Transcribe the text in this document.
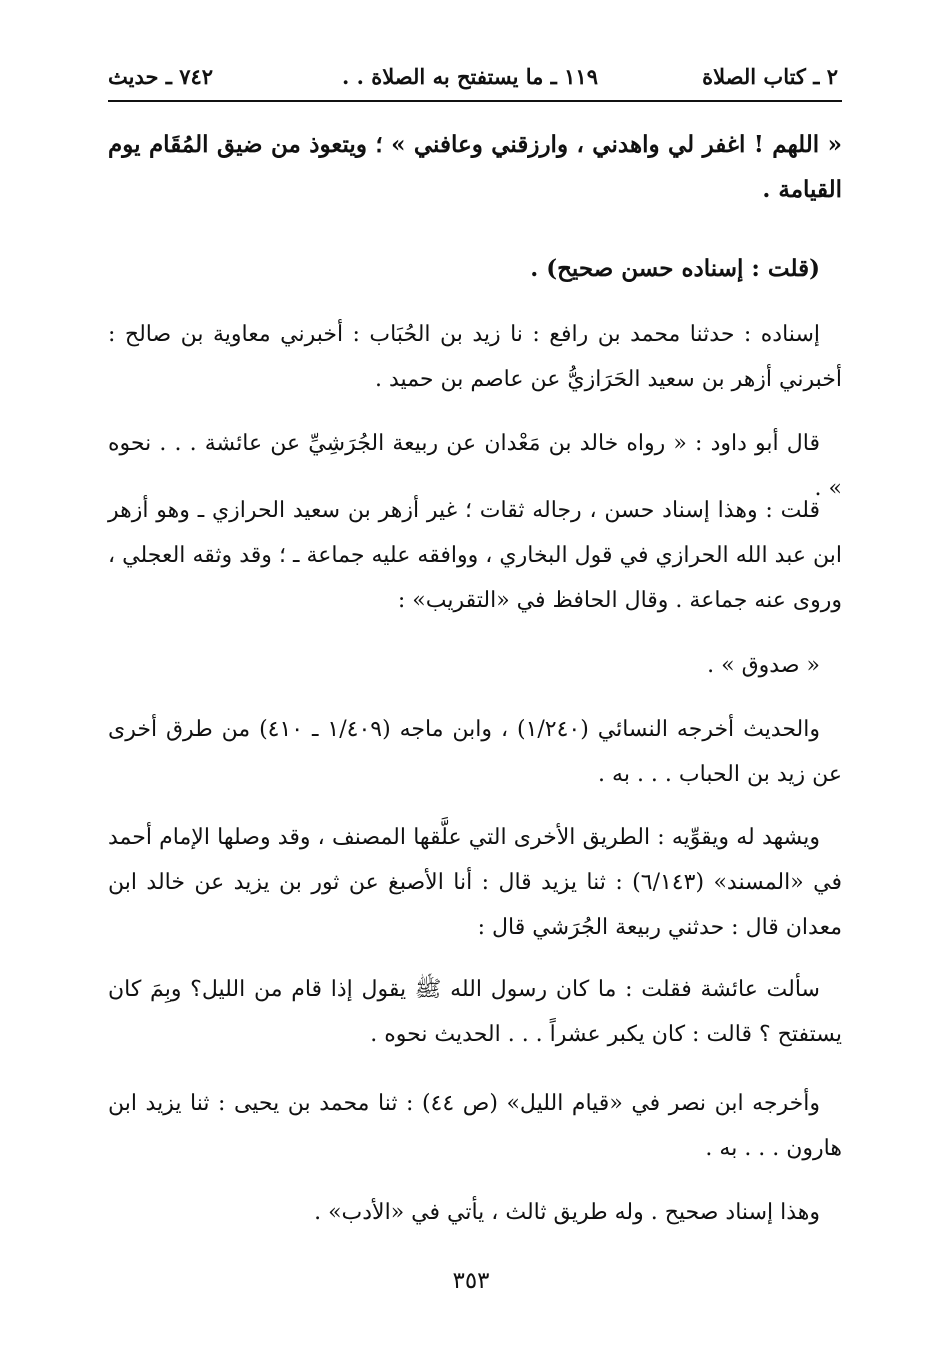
٢ ـ كتاب الصلاة
١١٩ ـ ما يستفتح به الصلاة . .
٧٤٢ ـ حديث

« اللهم ! اغفر لي واهدني ، وارزقني وعافني » ؛ ويتعوذ من ضيق المُقَام يوم القيامة .

(قلت : إسناده حسن صحيح) .

إسناده : حدثنا محمد بن رافع : نا زيد بن الحُبَاب : أخبرني معاوية بن صالح : أخبرني أزهر بن سعيد الحَرَازيُّ عن عاصم بن حميد .

قال أبو داود : « رواه خالد بن مَعْدان عن ربيعة الجُرَشِيِّ عن عائشة . . . نحوه » .

قلت : وهذا إسناد حسن ، رجاله ثقات ؛ غير أزهر بن سعيد الحرازي ـ وهو أزهر ابن عبد الله الحرازي في قول البخاري ، ووافقه عليه جماعة ـ ؛ وقد وثقه العجلي ، وروى عنه جماعة . وقال الحافظ في «التقريب» :

« صدوق » .

والحديث أخرجه النسائي (١/٢٤٠) ، وابن ماجه (١/٤٠٩ ـ ٤١٠) من طرق أخرى عن زيد بن الحباب . . . به .

ويشهد له ويقوِّيه : الطريق الأخرى التي علَّقها المصنف ، وقد وصلها الإمام أحمد في «المسند» (٦/١٤٣) : ثنا يزيد قال : أنا الأصبغ عن ثور بن يزيد عن خالد ابن معدان قال : حدثني ربيعة الجُرَشي قال :

سألت عائشة فقلت : ما كان رسول الله ﷺ يقول إذا قام من الليل؟ وبِمَ كان يستفتح ؟ قالت : كان يكبر عشراً . . . الحديث نحوه .

وأخرجه ابن نصر في «قيام الليل» (ص ٤٤) : ثنا محمد بن يحيى : ثنا يزيد ابن هارون . . . به .

وهذا إسناد صحيح . وله طريق ثالث ، يأتي في «الأدب» .

٣٥٣
